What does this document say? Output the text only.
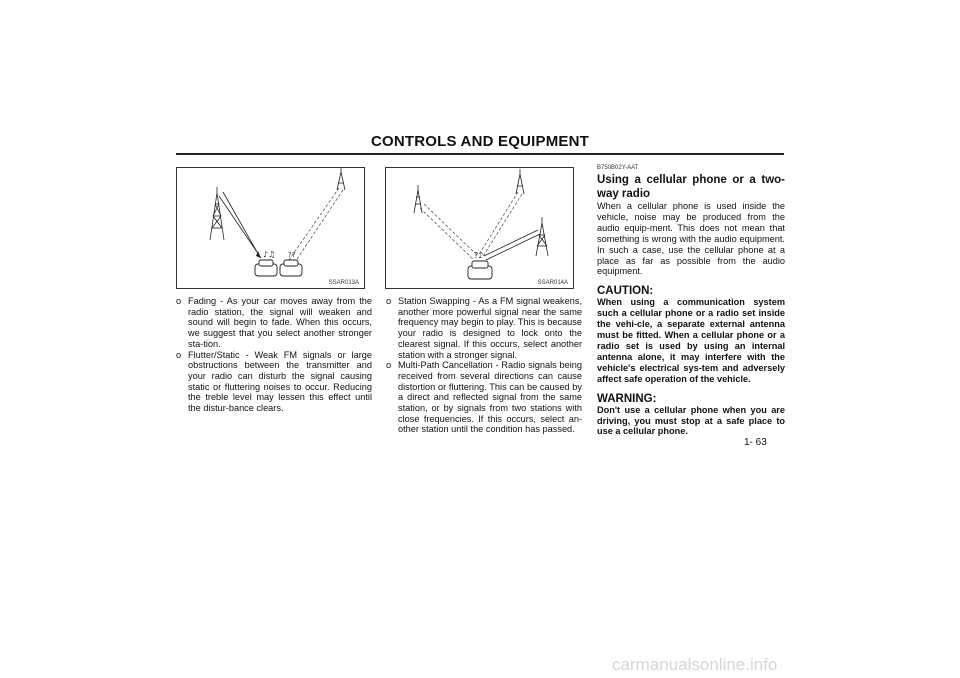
CONTROLS AND EQUIPMENT
♪♫ ??
SSAR013A
?♪
SSAR014A
o Fading - As your car moves away from the radio station, the signal will weaken and sound will begin to fade. When this occurs, we suggest that you select another stronger sta-tion.
o Flutter/Static - Weak FM signals or large obstructions between the transmitter and your radio can disturb the signal causing static or fluttering noises to occur. Reducing the treble level may lessen this effect until the distur-bance clears.
o Station Swapping - As a FM signal weakens, another more powerful signal near the same frequency may begin to play. This is because your radio is designed to lock onto the clearest signal. If this occurs, select another station with a stronger signal.
o Multi-Path Cancellation - Radio signals being received from several directions can cause distortion or fluttering. This can be caused by a direct and reflected signal from the same station, or by signals from two stations with close frequencies. If this occurs, select an-other station until the condition has passed.
B750B02Y-AAT
Using a cellular phone or a two-way radio
When a cellular phone is used inside the vehicle, noise may be produced from the audio equip-ment. This does not mean that something is wrong with the audio equipment. In such a case, use the cellular phone at a place as far as possible from the audio equipment.
CAUTION:
When using a communication system such a cellular phone or a radio set inside the vehi-cle, a separate external antenna must be fitted. When a cellular phone or a radio set is used by using an internal antenna alone, it may interfere with the vehicle's electrical sys-tem and adversely affect safe operation of the vehicle.
WARNING:
Don't use a cellular phone when you are driving, you must stop at a safe place to use a cellular phone.
1- 63
carmanualsonline.info
